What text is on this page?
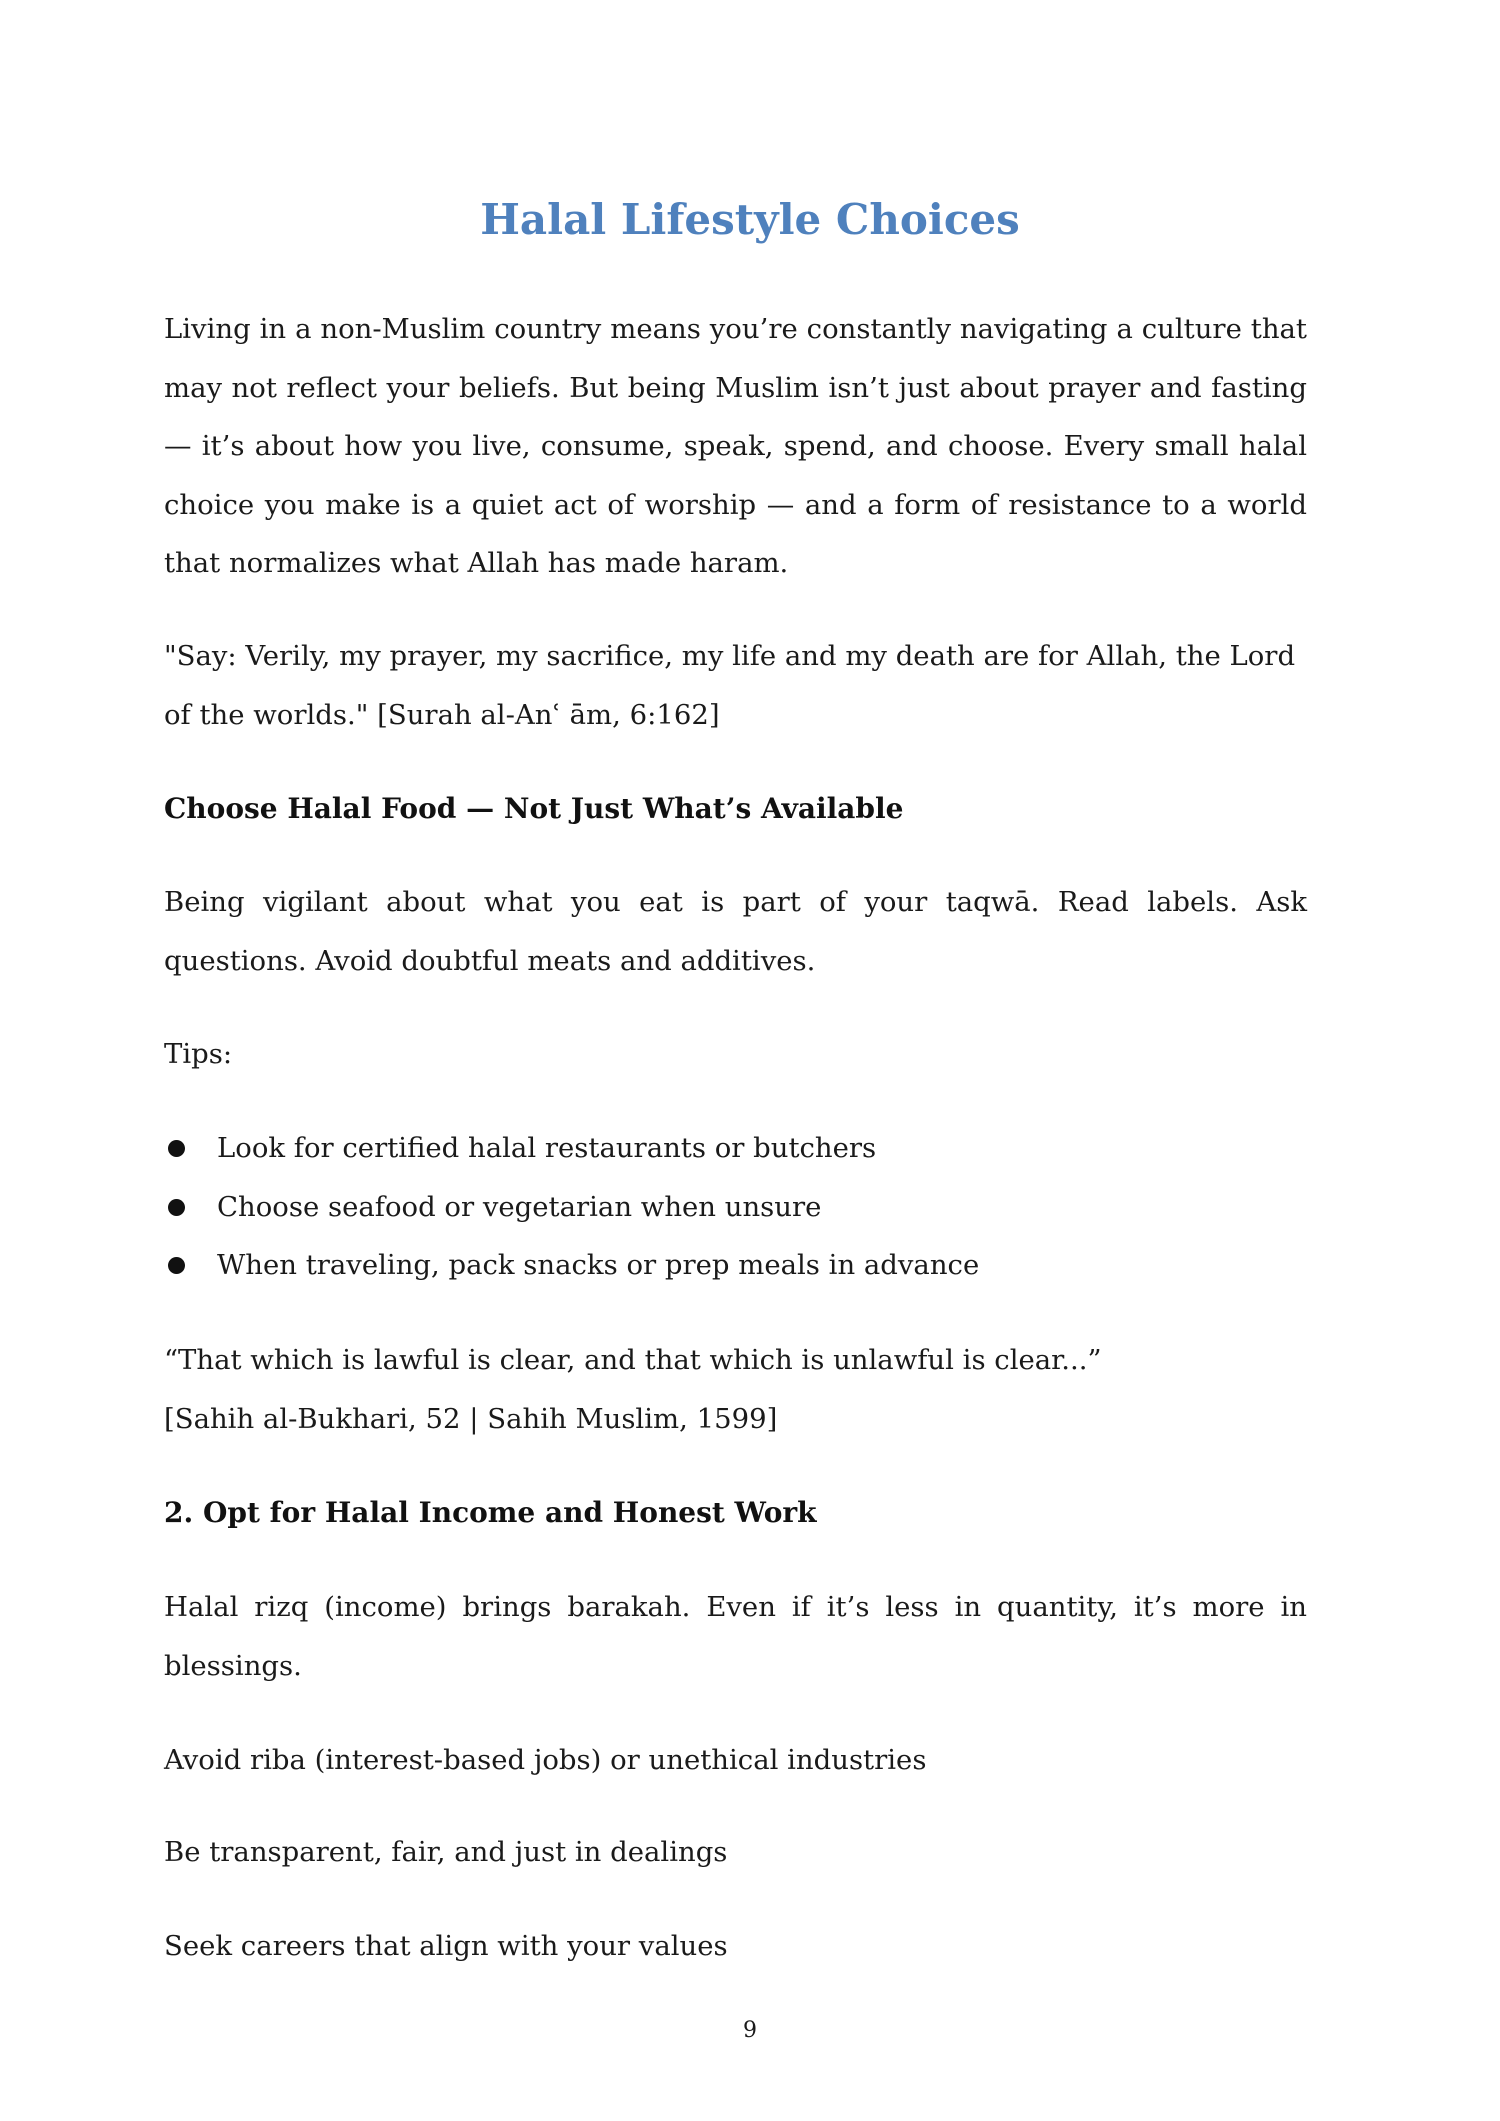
Halal Lifestyle Choices

Living in a non-Muslim country means you’re constantly navigating a culture that may not reflect your beliefs. But being Muslim isn’t just about prayer and fasting — it’s about how you live, consume, speak, spend, and choose. Every small halal choice you make is a quiet act of worship — and a form of resistance to a world that normalizes what Allah has made haram.

"Say: Verily, my prayer, my sacrifice, my life and my death are for Allah, the Lord of the worlds." [Surah al-Anʿ ām, 6:162]

Choose Halal Food — Not Just What’s Available

Being vigilant about what you eat is part of your taqwā. Read labels. Ask questions. Avoid doubtful meats and additives.

Tips:

Look for certified halal restaurants or butchers
Choose seafood or vegetarian when unsure
When traveling, pack snacks or prep meals in advance

“That which is lawful is clear, and that which is unlawful is clear...”
[Sahih al-Bukhari, 52 | Sahih Muslim, 1599]

2. Opt for Halal Income and Honest Work

Halal rizq (income) brings barakah. Even if it’s less in quantity, it’s more in blessings.

Avoid riba (interest-based jobs) or unethical industries

Be transparent, fair, and just in dealings

Seek careers that align with your values

9
